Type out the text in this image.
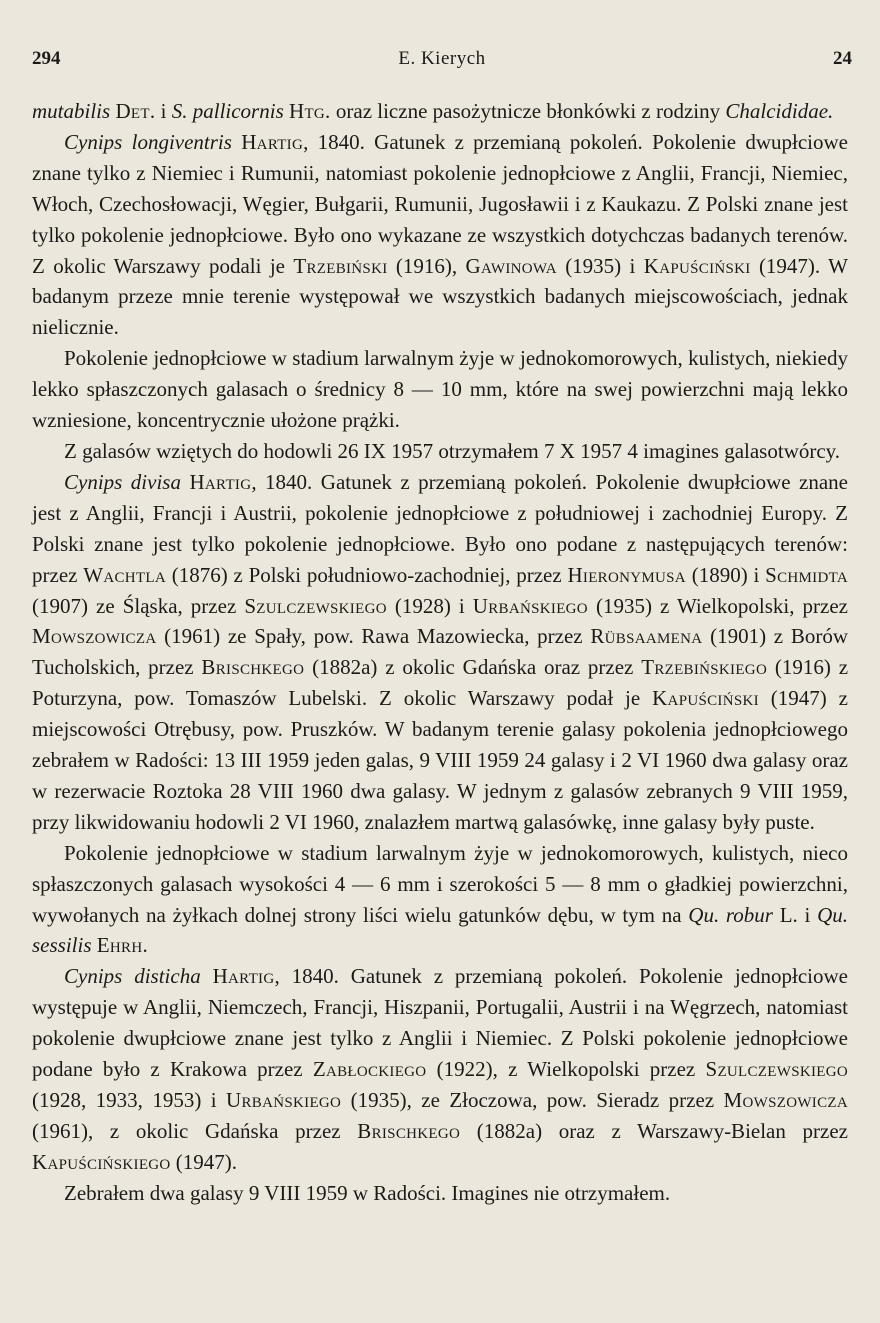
294	E. Kierych	24

mutabilis Det. i S. pallicornis Htg. oraz liczne pasożytnicze błonkówki z rodziny Chalcididae.

Cynips longiventris Hartig, 1840. Gatunek z przemianą pokoleń. Pokolenie dwupłciowe znane tylko z Niemiec i Rumunii, natomiast pokolenie jednopłciowe z Anglii, Francji, Niemiec, Włoch, Czechosłowacji, Węgier, Bułgarii, Rumunii, Jugosławii i z Kaukazu. Z Polski znane jest tylko pokolenie jednopłciowe. Było ono wykazane ze wszystkich dotychczas badanych terenów. Z okolic Warszawy podali je Trzebiński (1916), Gawinowa (1935) i Kapuściński (1947). W badanym przeze mnie terenie występował we wszystkich badanych miejscowościach, jednak nielicznie.

Pokolenie jednopłciowe w stadium larwalnym żyje w jednokomorowych, kulistych, niekiedy lekko spłaszczonych galasach o średnicy 8 — 10 mm, które na swej powierzchni mają lekko wzniesione, koncentrycznie ułożone prążki.

Z galasów wziętych do hodowli 26 IX 1957 otrzymałem 7 X 1957 4 imagines galasotwórcy.

Cynips divisa Hartig, 1840. Gatunek z przemianą pokoleń. Pokolenie dwupłciowe znane jest z Anglii, Francji i Austrii, pokolenie jednopłciowe z południowej i zachodniej Europy. Z Polski znane jest tylko pokolenie jednopłciowe. Było ono podane z następujących terenów: przez Wachtla (1876) z Polski południowo-zachodniej, przez Hieronymusa (1890) i Schmidta (1907) ze Śląska, przez Szulczewskiego (1928) i Urbańskiego (1935) z Wielkopolski, przez Mowszowicza (1961) ze Spały, pow. Rawa Mazowiecka, przez Rübsaamena (1901) z Borów Tucholskich, przez Brischkego (1882a) z okolic Gdańska oraz przez Trzebińskiego (1916) z Poturzyna, pow. Tomaszów Lubelski. Z okolic Warszawy podał je Kapuściński (1947) z miejscowości Otrębusy, pow. Pruszków. W badanym terenie galasy pokolenia jednopłciowego zebrałem w Radości: 13 III 1959 jeden galas, 9 VIII 1959 24 galasy i 2 VI 1960 dwa galasy oraz w rezerwacie Roztoka 28 VIII 1960 dwa galasy. W jednym z galasów zebranych 9 VIII 1959, przy likwidowaniu hodowli 2 VI 1960, znalazłem martwą galasówkę, inne galasy były puste.

Pokolenie jednopłciowe w stadium larwalnym żyje w jednokomorowych, kulistych, nieco spłaszczonych galasach wysokości 4 — 6 mm i szerokości 5 — 8 mm o gładkiej powierzchni, wywołanych na żyłkach dolnej strony liści wielu gatunków dębu, w tym na Qu. robur L. i Qu. sessilis Ehrh.

Cynips disticha Hartig, 1840. Gatunek z przemianą pokoleń. Pokolenie jednopłciowe występuje w Anglii, Niemczech, Francji, Hiszpanii, Portugalii, Austrii i na Węgrzech, natomiast pokolenie dwupłciowe znane jest tylko z Anglii i Niemiec. Z Polski pokolenie jednopłciowe podane było z Krakowa przez Zabłockiego (1922), z Wielkopolski przez Szulczewskiego (1928, 1933, 1953) i Urbańskiego (1935), ze Złoczowa, pow. Sieradz przez Mowszowicza (1961), z okolic Gdańska przez Brischkego (1882a) oraz z Warszawy-Bielan przez Kapuścińskiego (1947).

Zebrałem dwa galasy 9 VIII 1959 w Radości. Imagines nie otrzymałem.
